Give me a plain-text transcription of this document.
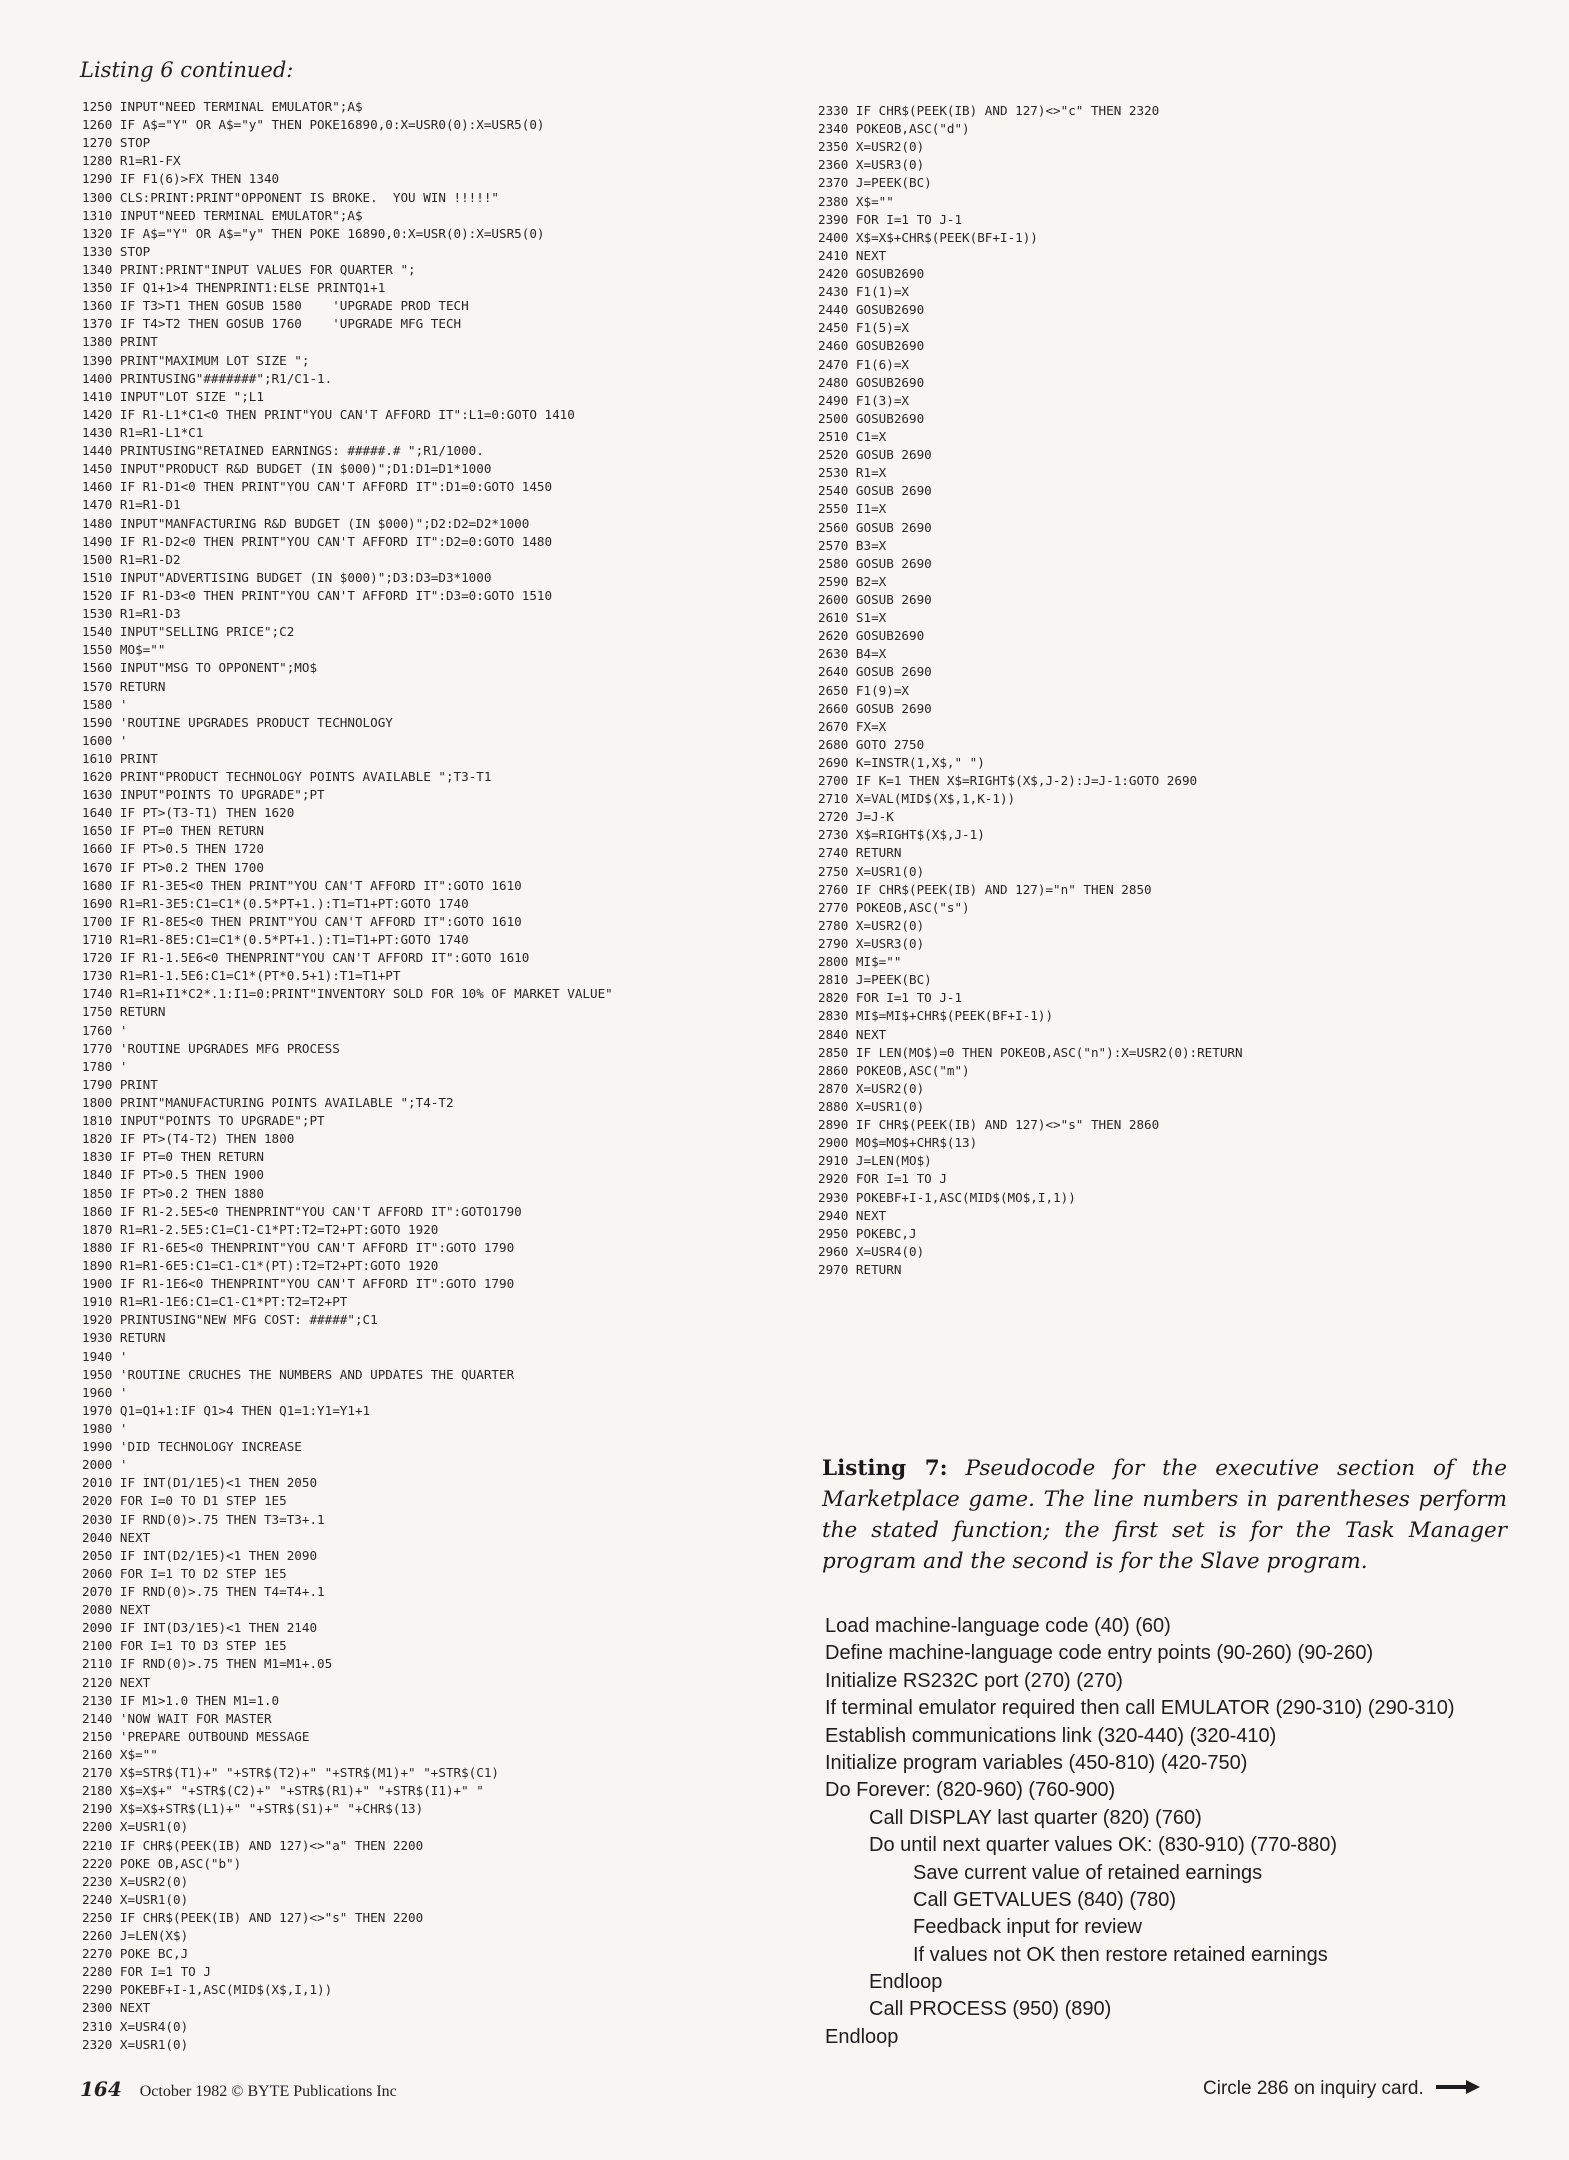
Listing 6 continued:
1250 INPUT"NEED TERMINAL EMULATOR";A$
1260 IF A$="Y" OR A$="y" THEN POKE16890,0:X=USR0(0):X=USR5(0)
1270 STOP
1280 R1=R1-FX
1290 IF F1(6)>FX THEN 1340
1300 CLS:PRINT:PRINT"OPPONENT IS BROKE.  YOU WIN !!!!!"
1310 INPUT"NEED TERMINAL EMULATOR";A$
1320 IF A$="Y" OR A$="y" THEN POKE 16890,0:X=USR(0):X=USR5(0)
1330 STOP
1340 PRINT:PRINT"INPUT VALUES FOR QUARTER ";
1350 IF Q1+1>4 THENPRINT1:ELSE PRINTQ1+1
1360 IF T3>T1 THEN GOSUB 1580    'UPGRADE PROD TECH
1370 IF T4>T2 THEN GOSUB 1760    'UPGRADE MFG TECH
1380 PRINT
1390 PRINT"MAXIMUM LOT SIZE ";
1400 PRINTUSING"#######";R1/C1-1.
1410 INPUT"LOT SIZE ";L1
1420 IF R1-L1*C1<0 THEN PRINT"YOU CAN'T AFFORD IT":L1=0:GOTO 1410
1430 R1=R1-L1*C1
1440 PRINTUSING"RETAINED EARNINGS: #####.# ";R1/1000.
1450 INPUT"PRODUCT R&D BUDGET (IN $000)";D1:D1=D1*1000
1460 IF R1-D1<0 THEN PRINT"YOU CAN'T AFFORD IT":D1=0:GOTO 1450
1470 R1=R1-D1
1480 INPUT"MANFACTURING R&D BUDGET (IN $000)";D2:D2=D2*1000
1490 IF R1-D2<0 THEN PRINT"YOU CAN'T AFFORD IT":D2=0:GOTO 1480
1500 R1=R1-D2
1510 INPUT"ADVERTISING BUDGET (IN $000)";D3:D3=D3*1000
1520 IF R1-D3<0 THEN PRINT"YOU CAN'T AFFORD IT":D3=0:GOTO 1510
1530 R1=R1-D3
1540 INPUT"SELLING PRICE";C2
1550 MO$=""
1560 INPUT"MSG TO OPPONENT";MO$
1570 RETURN
1580 '
1590 'ROUTINE UPGRADES PRODUCT TECHNOLOGY
1600 '
1610 PRINT
1620 PRINT"PRODUCT TECHNOLOGY POINTS AVAILABLE ";T3-T1
1630 INPUT"POINTS TO UPGRADE";PT
1640 IF PT>(T3-T1) THEN 1620
1650 IF PT=0 THEN RETURN
1660 IF PT>0.5 THEN 1720
1670 IF PT>0.2 THEN 1700
1680 IF R1-3E5<0 THEN PRINT"YOU CAN'T AFFORD IT":GOTO 1610
1690 R1=R1-3E5:C1=C1*(0.5*PT+1.):T1=T1+PT:GOTO 1740
1700 IF R1-8E5<0 THEN PRINT"YOU CAN'T AFFORD IT":GOTO 1610
1710 R1=R1-8E5:C1=C1*(0.5*PT+1.):T1=T1+PT:GOTO 1740
1720 IF R1-1.5E6<0 THENPRINT"YOU CAN'T AFFORD IT":GOTO 1610
1730 R1=R1-1.5E6:C1=C1*(PT*0.5+1):T1=T1+PT
1740 R1=R1+I1*C2*.1:I1=0:PRINT"INVENTORY SOLD FOR 10% OF MARKET VALUE"
1750 RETURN
1760 '
1770 'ROUTINE UPGRADES MFG PROCESS
1780 '
1790 PRINT
1800 PRINT"MANUFACTURING POINTS AVAILABLE ";T4-T2
1810 INPUT"POINTS TO UPGRADE";PT
1820 IF PT>(T4-T2) THEN 1800
1830 IF PT=0 THEN RETURN
1840 IF PT>0.5 THEN 1900
1850 IF PT>0.2 THEN 1880
1860 IF R1-2.5E5<0 THENPRINT"YOU CAN'T AFFORD IT":GOTO1790
1870 R1=R1-2.5E5:C1=C1-C1*PT:T2=T2+PT:GOTO 1920
1880 IF R1-6E5<0 THENPRINT"YOU CAN'T AFFORD IT":GOTO 1790
1890 R1=R1-6E5:C1=C1-C1*(PT):T2=T2+PT:GOTO 1920
1900 IF R1-1E6<0 THENPRINT"YOU CAN'T AFFORD IT":GOTO 1790
1910 R1=R1-1E6:C1=C1-C1*PT:T2=T2+PT
1920 PRINTUSING"NEW MFG COST: #####";C1
1930 RETURN
1940 '
1950 'ROUTINE CRUCHES THE NUMBERS AND UPDATES THE QUARTER
1960 '
1970 Q1=Q1+1:IF Q1>4 THEN Q1=1:Y1=Y1+1
1980 '
1990 'DID TECHNOLOGY INCREASE
2000 '
2010 IF INT(D1/1E5)<1 THEN 2050
2020 FOR I=0 TO D1 STEP 1E5
2030 IF RND(0)>.75 THEN T3=T3+.1
2040 NEXT
2050 IF INT(D2/1E5)<1 THEN 2090
2060 FOR I=1 TO D2 STEP 1E5
2070 IF RND(0)>.75 THEN T4=T4+.1
2080 NEXT
2090 IF INT(D3/1E5)<1 THEN 2140
2100 FOR I=1 TO D3 STEP 1E5
2110 IF RND(0)>.75 THEN M1=M1+.05
2120 NEXT
2130 IF M1>1.0 THEN M1=1.0
2140 'NOW WAIT FOR MASTER
2150 'PREPARE OUTBOUND MESSAGE
2160 X$=""
2170 X$=STR$(T1)+" "+STR$(T2)+" "+STR$(M1)+" "+STR$(C1)
2180 X$=X$+" "+STR$(C2)+" "+STR$(R1)+" "+STR$(I1)+" "
2190 X$=X$+STR$(L1)+" "+STR$(S1)+" "+CHR$(13)
2200 X=USR1(0)
2210 IF CHR$(PEEK(IB) AND 127)<>"a" THEN 2200
2220 POKE OB,ASC("b")
2230 X=USR2(0)
2240 X=USR1(0)
2250 IF CHR$(PEEK(IB) AND 127)<>"s" THEN 2200
2260 J=LEN(X$)
2270 POKE BC,J
2280 FOR I=1 TO J
2290 POKEBF+I-1,ASC(MID$(X$,I,1))
2300 NEXT
2310 X=USR4(0)
2320 X=USR1(0)
2330 IF CHR$(PEEK(IB) AND 127)<>"c" THEN 2320
2340 POKEOB,ASC("d")
2350 X=USR2(0)
2360 X=USR3(0)
2370 J=PEEK(BC)
2380 X$=""
2390 FOR I=1 TO J-1
2400 X$=X$+CHR$(PEEK(BF+I-1))
2410 NEXT
2420 GOSUB2690
2430 F1(1)=X
2440 GOSUB2690
2450 F1(5)=X
2460 GOSUB2690
2470 F1(6)=X
2480 GOSUB2690
2490 F1(3)=X
2500 GOSUB2690
2510 C1=X
2520 GOSUB 2690
2530 R1=X
2540 GOSUB 2690
2550 I1=X
2560 GOSUB 2690
2570 B3=X
2580 GOSUB 2690
2590 B2=X
2600 GOSUB 2690
2610 S1=X
2620 GOSUB2690
2630 B4=X
2640 GOSUB 2690
2650 F1(9)=X
2660 GOSUB 2690
2670 FX=X
2680 GOTO 2750
2690 K=INSTR(1,X$," ")
2700 IF K=1 THEN X$=RIGHT$(X$,J-2):J=J-1:GOTO 2690
2710 X=VAL(MID$(X$,1,K-1))
2720 J=J-K
2730 X$=RIGHT$(X$,J-1)
2740 RETURN
2750 X=USR1(0)
2760 IF CHR$(PEEK(IB) AND 127)="n" THEN 2850
2770 POKEOB,ASC("s")
2780 X=USR2(0)
2790 X=USR3(0)
2800 MI$=""
2810 J=PEEK(BC)
2820 FOR I=1 TO J-1
2830 MI$=MI$+CHR$(PEEK(BF+I-1))
2840 NEXT
2850 IF LEN(MO$)=0 THEN POKEOB,ASC("n"):X=USR2(0):RETURN
2860 POKEOB,ASC("m")
2870 X=USR2(0)
2880 X=USR1(0)
2890 IF CHR$(PEEK(IB) AND 127)<>"s" THEN 2860
2900 MO$=MO$+CHR$(13)
2910 J=LEN(MO$)
2920 FOR I=1 TO J
2930 POKEBF+I-1,ASC(MID$(MO$,I,1))
2940 NEXT
2950 POKEBC,J
2960 X=USR4(0)
2970 RETURN
Listing 7: Pseudocode for the executive section of the Marketplace game. The line numbers in parentheses perform the stated function; the first set is for the Task Manager program and the second is for the Slave program.
Load machine-language code (40) (60)
Define machine-language code entry points (90-260) (90-260)
Initialize RS232C port (270) (270)
If terminal emulator required then call EMULATOR (290-310) (290-310)
Establish communications link (320-440) (320-410)
Initialize program variables (450-810) (420-750)
Do Forever: (820-960) (760-900)
Call DISPLAY last quarter (820) (760)
Do until next quarter values OK: (830-910) (770-880)
Save current value of retained earnings
Call GETVALUES (840) (780)
Feedback input for review
If values not OK then restore retained earnings
Endloop
Call PROCESS (950) (890)
Endloop
164 October 1982 © BYTE Publications Inc	Circle 286 on inquiry card.
